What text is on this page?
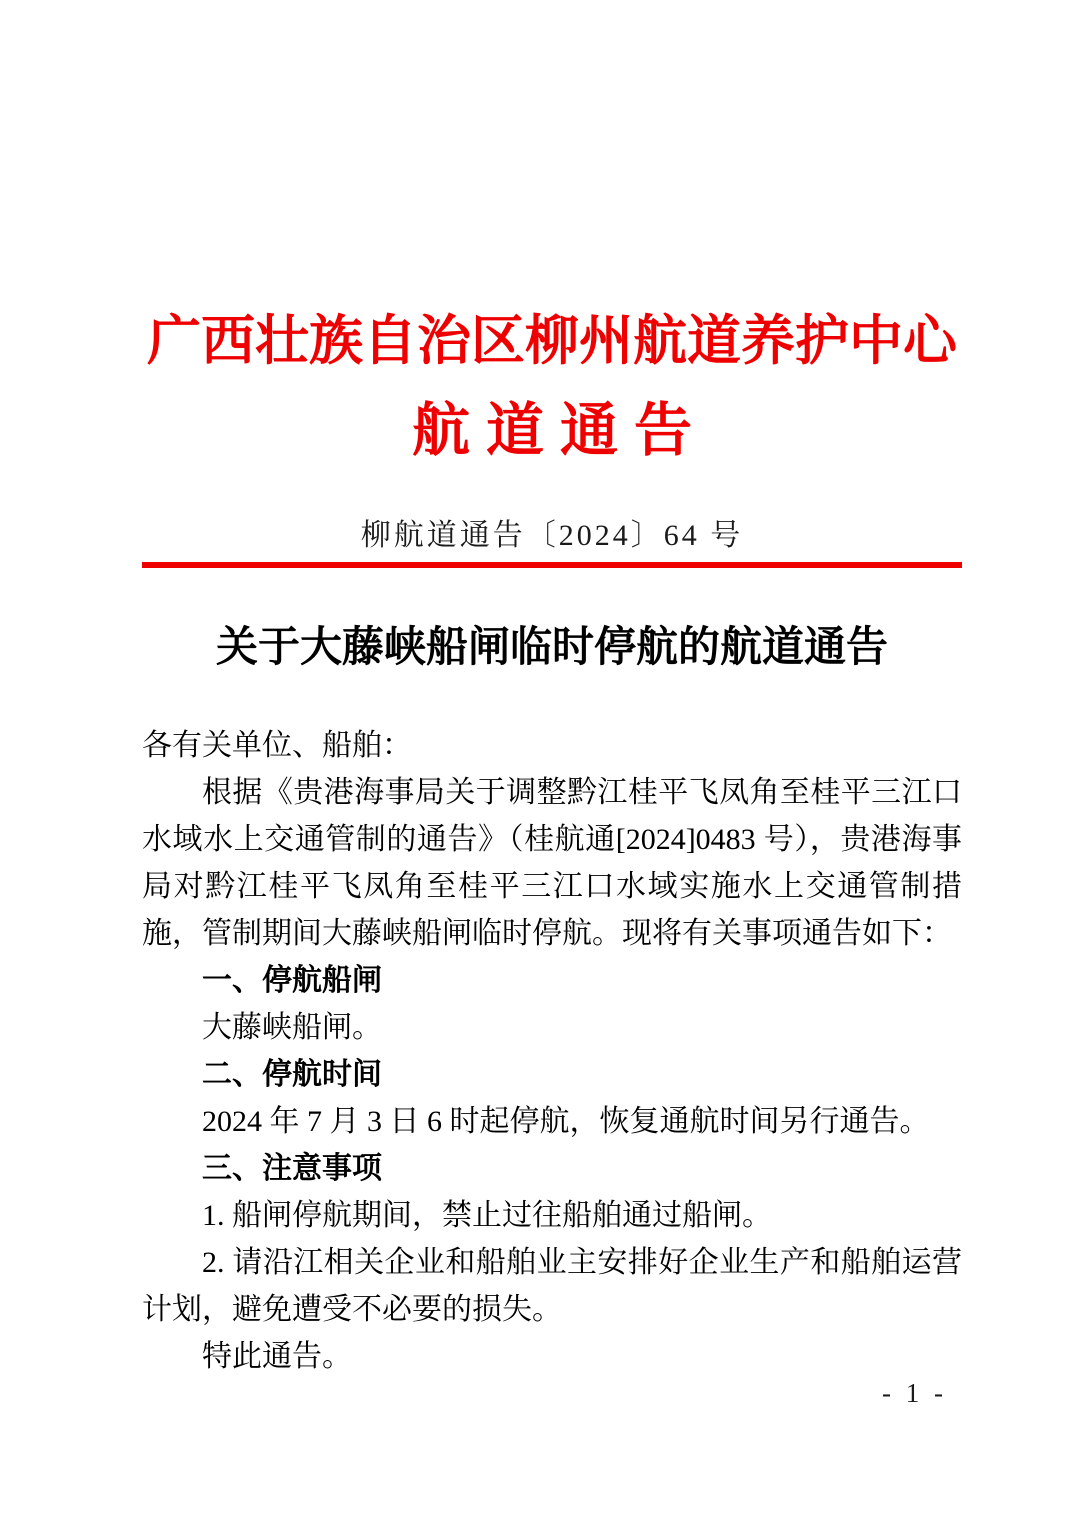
广西壮族自治区柳州航道养护中心
航道通告
柳航道通告〔2024〕64 号
关于大藤峡船闸临时停航的航道通告

各有关单位、船舶：

根据《贵港海事局关于调整黔江桂平飞凤角至桂平三江口水域水上交通管制的通告》（桂航通[2024]0483 号），贵港海事局对黔江桂平飞凤角至桂平三江口水域实施水上交通管制措施，管制期间大藤峡船闸临时停航。现将有关事项通告如下：

一、停航船闸

大藤峡船闸。

二、停航时间

2024 年 7 月 3 日 6 时起停航，恢复通航时间另行通告。

三、注意事项

1. 船闸停航期间，禁止过往船舶通过船闸。

2. 请沿江相关企业和船舶业主安排好企业生产和船舶运营计划，避免遭受不必要的损失。

特此通告。

- 1 -
